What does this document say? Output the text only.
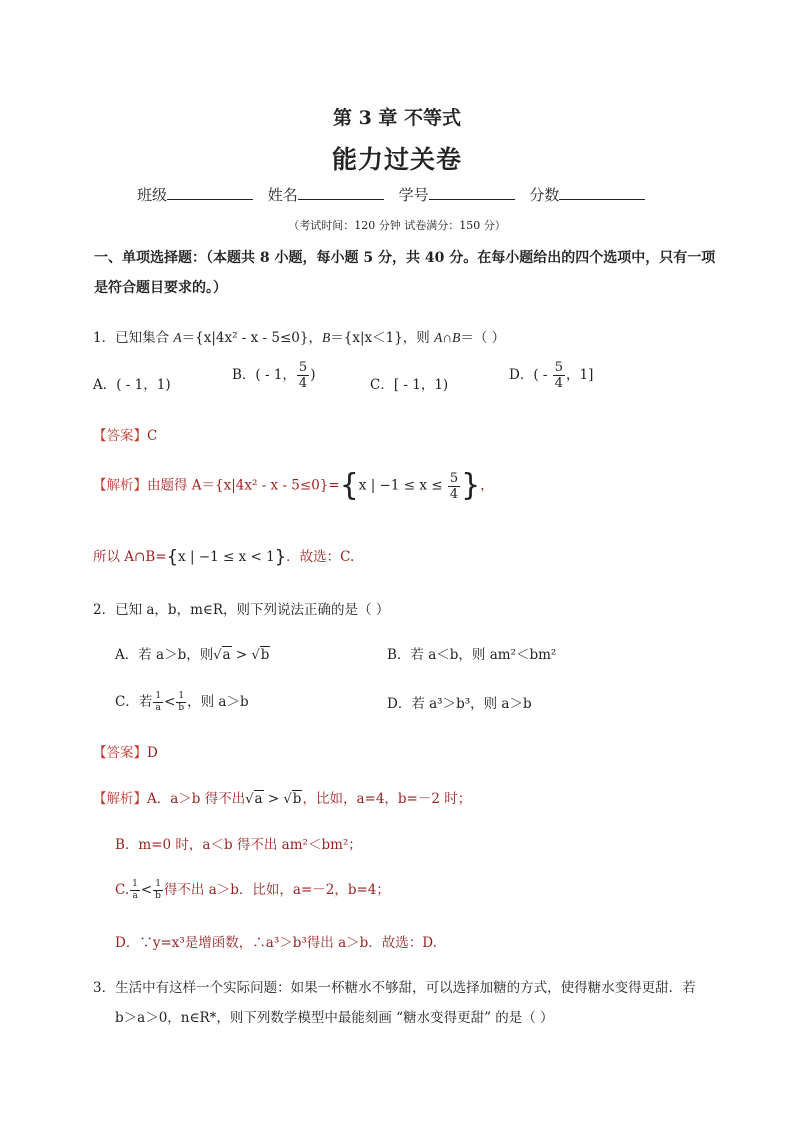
第 3 章 不等式
能力过关卷
班级	姓名	学号	分数
（考试时间：120 分钟 试卷满分：150 分）
一、单项选择题：（本题共 8 小题，每小题 5 分，共 40 分。在每小题给出的四个选项中，只有一项
是符合题目要求的。）
1．已知集合 A＝{x|4x² - x - 5≤0}，B＝{x|x＜1}，则 A∩B＝（ ）
A．( - 1，1)
B．( - 1， $\frac{5}{4}$ )
C．[ - 1，1)
D．( - $\frac{5}{4}$ ，1]
【答案】C
【解析】由题得 A＝{x|4x² - x - 5≤0}={x | $-1 \le x \le \frac{5}{4}$ }，
所以 A∩B={x | −1 ≤ x < 1}．故选：C.
2．已知 a，b，m∈R，则下列说法正确的是（ ）
A．若 a＞b，则√a > √b	B．若 a＜b，则 am²＜bm²
C．若 $\frac{1}{a} < \frac{1}{b}$ ，则 a＞b	D．若 a³＞b³，则 a＞b
【答案】D
【解析】A．a＞b 得不出√a > √b，比如，a=4，b=－2 时；
B．m=0 时，a＜b 得不出 am²＜bm²；
C. $\frac{1}{a} < \frac{1}{b}$ 得不出 a＞b．比如，a=－2，b=4；
D．∵y=x³是增函数，∴a³＞b³得出 a＞b．故选：D.
3．生活中有这样一个实际问题：如果一杯糖水不够甜，可以选择加糖的方式，使得糖水变得更甜．若
b＞a＞0，n∈R*，则下列数学模型中最能刻画 “糖水变得更甜” 的是（ ）
